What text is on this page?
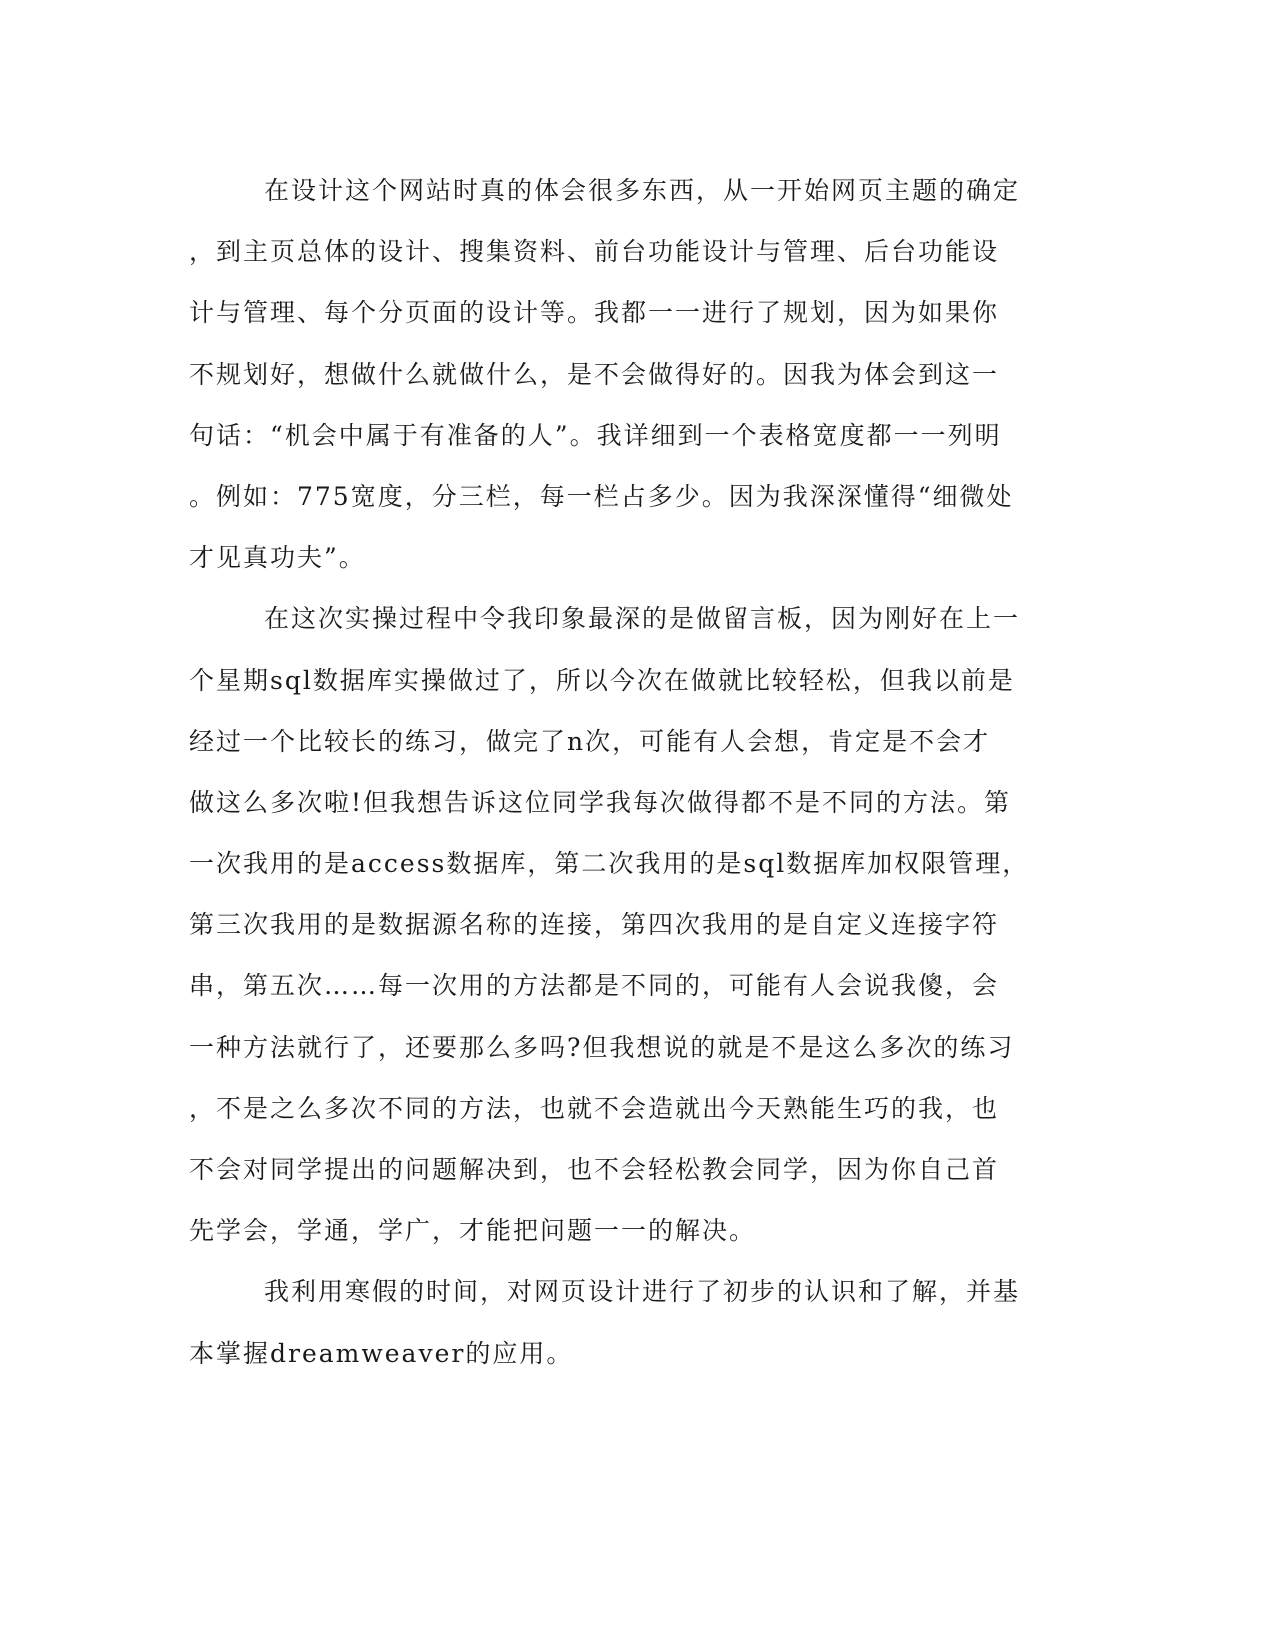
在设计这个网站时真的体会很多东西，从一开始网页主题的确定
，到主页总体的设计、搜集资料、前台功能设计与管理、后台功能设
计与管理、每个分页面的设计等。我都一一进行了规划，因为如果你
不规划好，想做什么就做什么，是不会做得好的。因我为体会到这一
句话：“机会中属于有准备的人”。我详细到一个表格宽度都一一列明
。例如：775宽度，分三栏，每一栏占多少。因为我深深懂得“细微处
才见真功夫”。
在这次实操过程中令我印象最深的是做留言板，因为刚好在上一
个星期sql数据库实操做过了，所以今次在做就比较轻松，但我以前是
经过一个比较长的练习，做完了n次，可能有人会想，肯定是不会才
做这么多次啦!但我想告诉这位同学我每次做得都不是不同的方法。第
一次我用的是access数据库，第二次我用的是sql数据库加权限管理，
第三次我用的是数据源名称的连接，第四次我用的是自定义连接字符
串，第五次……每一次用的方法都是不同的，可能有人会说我傻，会
一种方法就行了，还要那么多吗?但我想说的就是不是这么多次的练习
，不是之么多次不同的方法，也就不会造就出今天熟能生巧的我，也
不会对同学提出的问题解决到，也不会轻松教会同学，因为你自己首
先学会，学通，学广，才能把问题一一的解决。
我利用寒假的时间，对网页设计进行了初步的认识和了解，并基
本掌握dreamweaver的应用。
